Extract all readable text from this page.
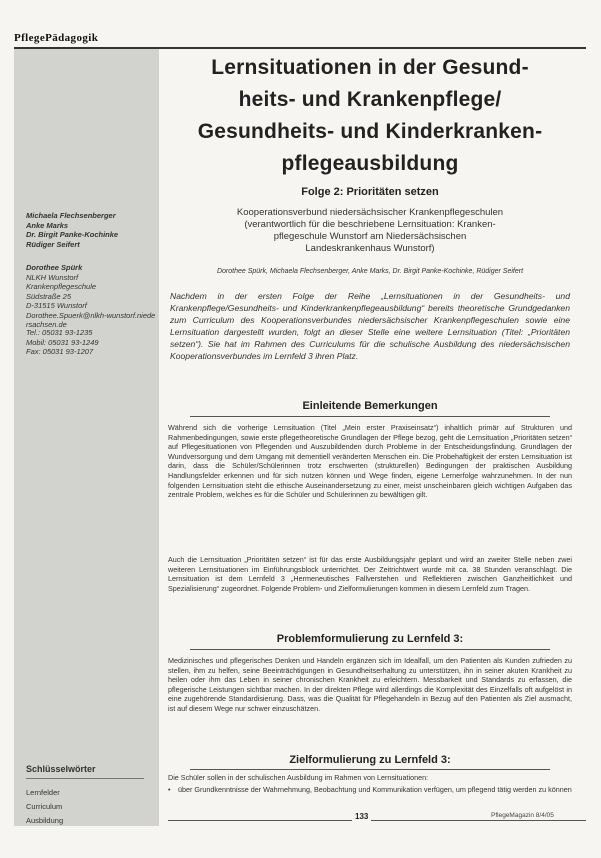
PflegePädagogik
Michaela Flechsenberger
Anke Marks
Dr. Birgit Panke-Kochinke
Rüdiger Seifert
Dorothee Spürk
NLKH Wunstorf
Krankenpflegeschule
Südstraße 25
D-31515 Wunstorf
Dorothee.Spuerk@nlkh-wunstorf.niedersachsen.de
Tel.: 05031 93-1235
Mobil: 05031 93-1249
Fax: 05031 93-1207
Schlüsselwörter
Lernfelder
Curriculum
Ausbildung
Lernsituationen in der Gesund-
heits- und Krankenpflege/
Gesundheits- und Kinderkranken-
pflegeausbildung
Folge 2: Prioritäten setzen
Kooperationsverbund niedersächsischer Krankenpflegeschulen
(verantwortlich für die beschriebene Lernsituation: Kranken-
pflegeschule Wunstorf am Niedersächsischen
Landeskrankenhaus Wunstorf)
Dorothee Spürk, Michaela Flechsenberger, Anke Marks, Dr. Birgit Panke-Kochinke, Rüdiger Seifert
Nachdem in der ersten Folge der Reihe „Lernsituationen in der Gesundheits- und Krankenpflege/Gesundheits- und Kinderkrankenpflegeausbildung“ bereits theoretische Grundgedanken zum Curriculum des Kooperationsverbundes niedersächsischer Krankenpflegeschulen sowie eine Lernsituation dargestellt wurden, folgt an dieser Stelle eine weitere Lernsituation (Titel: „Prioritäten setzen“). Sie hat im Rahmen des Curriculums für die schulische Ausbildung des niedersächsischen Kooperationsverbundes im Lernfeld 3 ihren Platz.
Einleitende Bemerkungen
Während sich die vorherige Lernsituation (Titel „Mein erster Praxiseinsatz“) inhaltlich primär auf Strukturen und Rahmenbedingungen, sowie erste pflegetheoretische Grundlagen der Pflege bezog, geht die Lernsituation „Prioritäten setzen“ auf Pflegesituationen von Pflegenden und Auszubildenden durch Probleme in der Entscheidungsfindung. Grundlagen der Wundversorgung und dem Umgang mit dementiell veränderten Menschen ein. Die Probehaftigkeit der ersten Lernsituation ist darin, dass die Schüler/Schülerinnen trotz erschwerten (strukturellen) Bedingungen der praktischen Ausbildung Handlungsfelder erkennen und für sich nutzen können und Wege finden, eigene Lernerfolge wahrzunehmen. In der nun folgenden Lernsituation steht die ethische Auseinandersetzung zu einer, meist unscheinbaren gleich wichtigen Aufgaben das zentrale Problem, welches es für die Schüler und Schülerinnen zu bewältigen gilt.
Auch die Lernsituation „Prioritäten setzen“ ist für das erste Ausbildungsjahr geplant und wird an zweiter Stelle neben zwei weiteren Lernsituationen im Einführungsblock unterrichtet. Der Zeitrichtwert wurde mit ca. 38 Stunden veranschlagt. Die Lernsituation ist dem Lernfeld 3 „Hermeneutisches Fallverstehen und Reflektieren zwischen Ganzheitlichkeit und Spezialisierung“ zugeordnet. Folgende Problem- und Zielformulierungen kommen in diesem Lernfeld zum Tragen.
Problemformulierung zu Lernfeld 3:
Medizinisches und pflegerisches Denken und Handeln ergänzen sich im Idealfall, um den Patienten als Kunden zufrieden zu stellen, ihm zu helfen, seine Beeinträchtigungen in Gesundheitserhaltung zu unterstützen, ihn in seiner akuten Krankheit zu heilen oder ihm das Leben in seiner chronischen Krankheit zu erleichtern. Messbarkeit und Standards zu erfassen, die pflegerische Leistungen sichtbar machen. In der direkten Pflege wird allerdings die Komplexität des Einzelfalls oft aufgelöst in eine zugehörende Standardisierung. Dass, was die Qualität für Pflegehandeln in Bezug auf den Patienten als Ziel ausmacht, ist auf diesem Wege nur schwer einzuschätzen.
Zielformulierung zu Lernfeld 3:
Die Schüler sollen in der schulischen Ausbildung im Rahmen von Lernsituationen:
• über Grundkenntnisse der Wahrnehmung, Beobachtung und Kommunikation verfügen, um pflegend tätig werden zu können
133	PflegeMagazin 8/4/05
